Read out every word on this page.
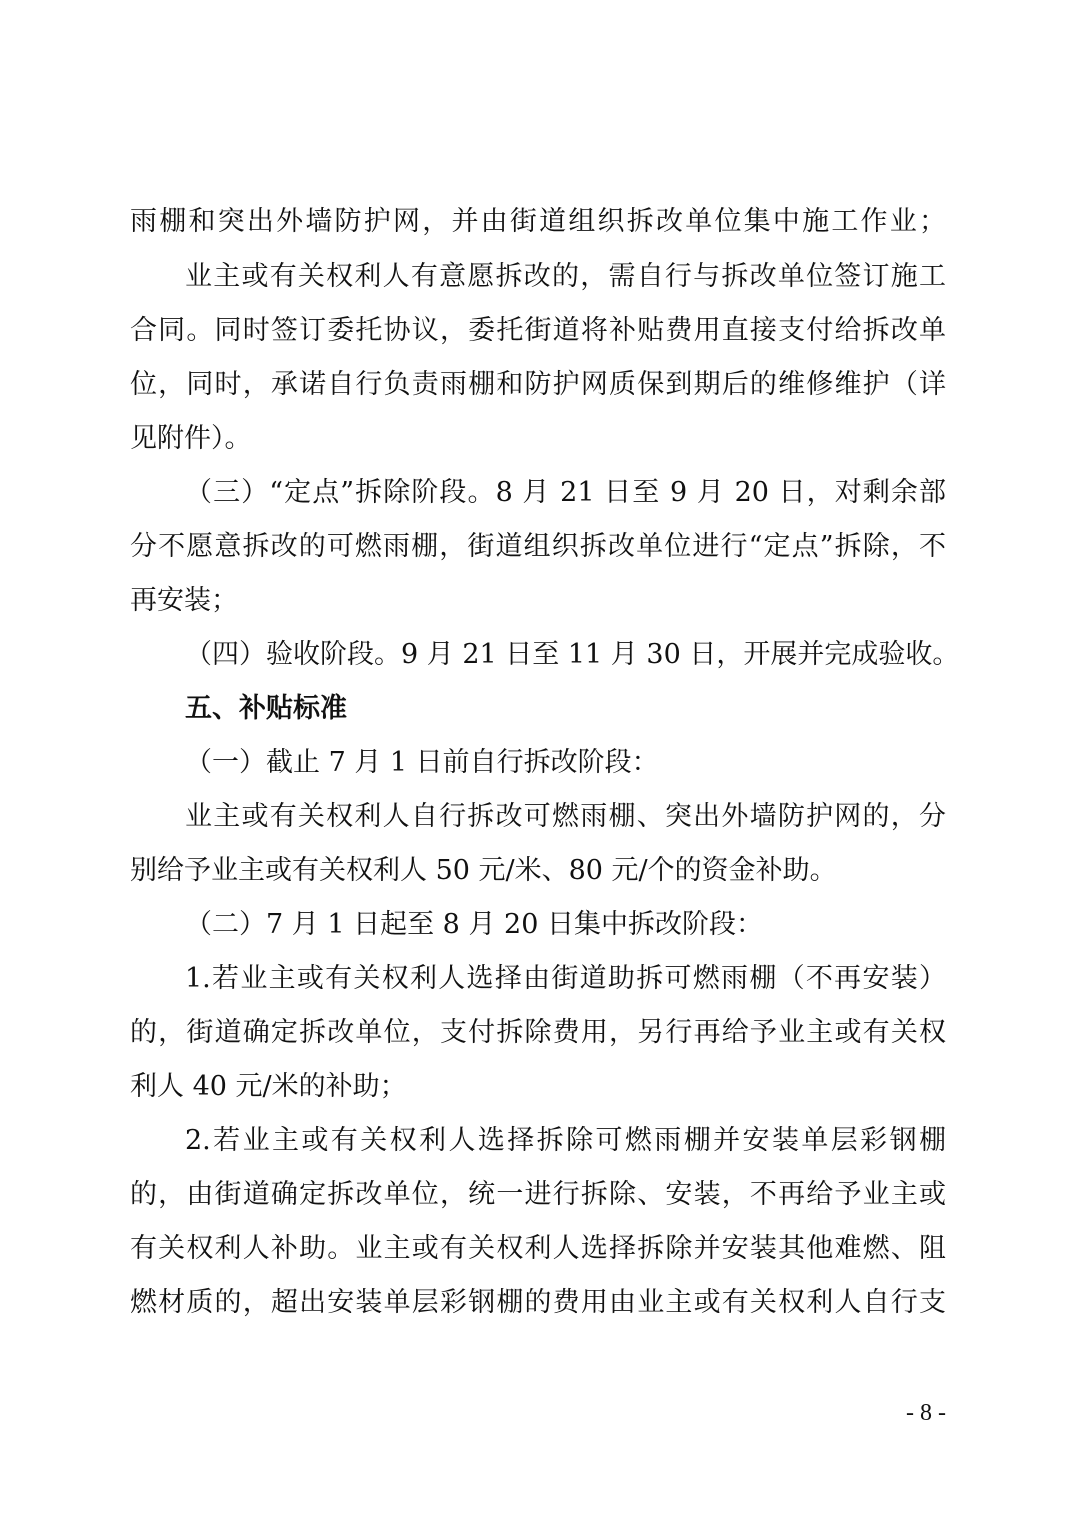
雨棚和突出外墙防护网，并由街道组织拆改单位集中施工作业；
业主或有关权利人有意愿拆改的，需自行与拆改单位签订施工
合同。同时签订委托协议，委托街道将补贴费用直接支付给拆改单
位，同时，承诺自行负责雨棚和防护网质保到期后的维修维护（详
见附件）。
（三）“定点”拆除阶段。8 月 21 日至 9 月 20 日，对剩余部
分不愿意拆改的可燃雨棚，街道组织拆改单位进行“定点”拆除，不
再安装；
（四）验收阶段。9 月 21 日至 11 月 30 日，开展并完成验收。
五、补贴标准
（一）截止 7 月 1 日前自行拆改阶段：
业主或有关权利人自行拆改可燃雨棚、突出外墙防护网的，分
别给予业主或有关权利人 50 元/米、80 元/个的资金补助。
（二）7 月 1 日起至 8 月 20 日集中拆改阶段：
1.若业主或有关权利人选择由街道助拆可燃雨棚（不再安装）
的，街道确定拆改单位，支付拆除费用，另行再给予业主或有关权
利人 40 元/米的补助；
2.若业主或有关权利人选择拆除可燃雨棚并安装单层彩钢棚
的，由街道确定拆改单位，统一进行拆除、安装，不再给予业主或
有关权利人补助。业主或有关权利人选择拆除并安装其他难燃、阻
燃材质的，超出安装单层彩钢棚的费用由业主或有关权利人自行支
- 8 -
